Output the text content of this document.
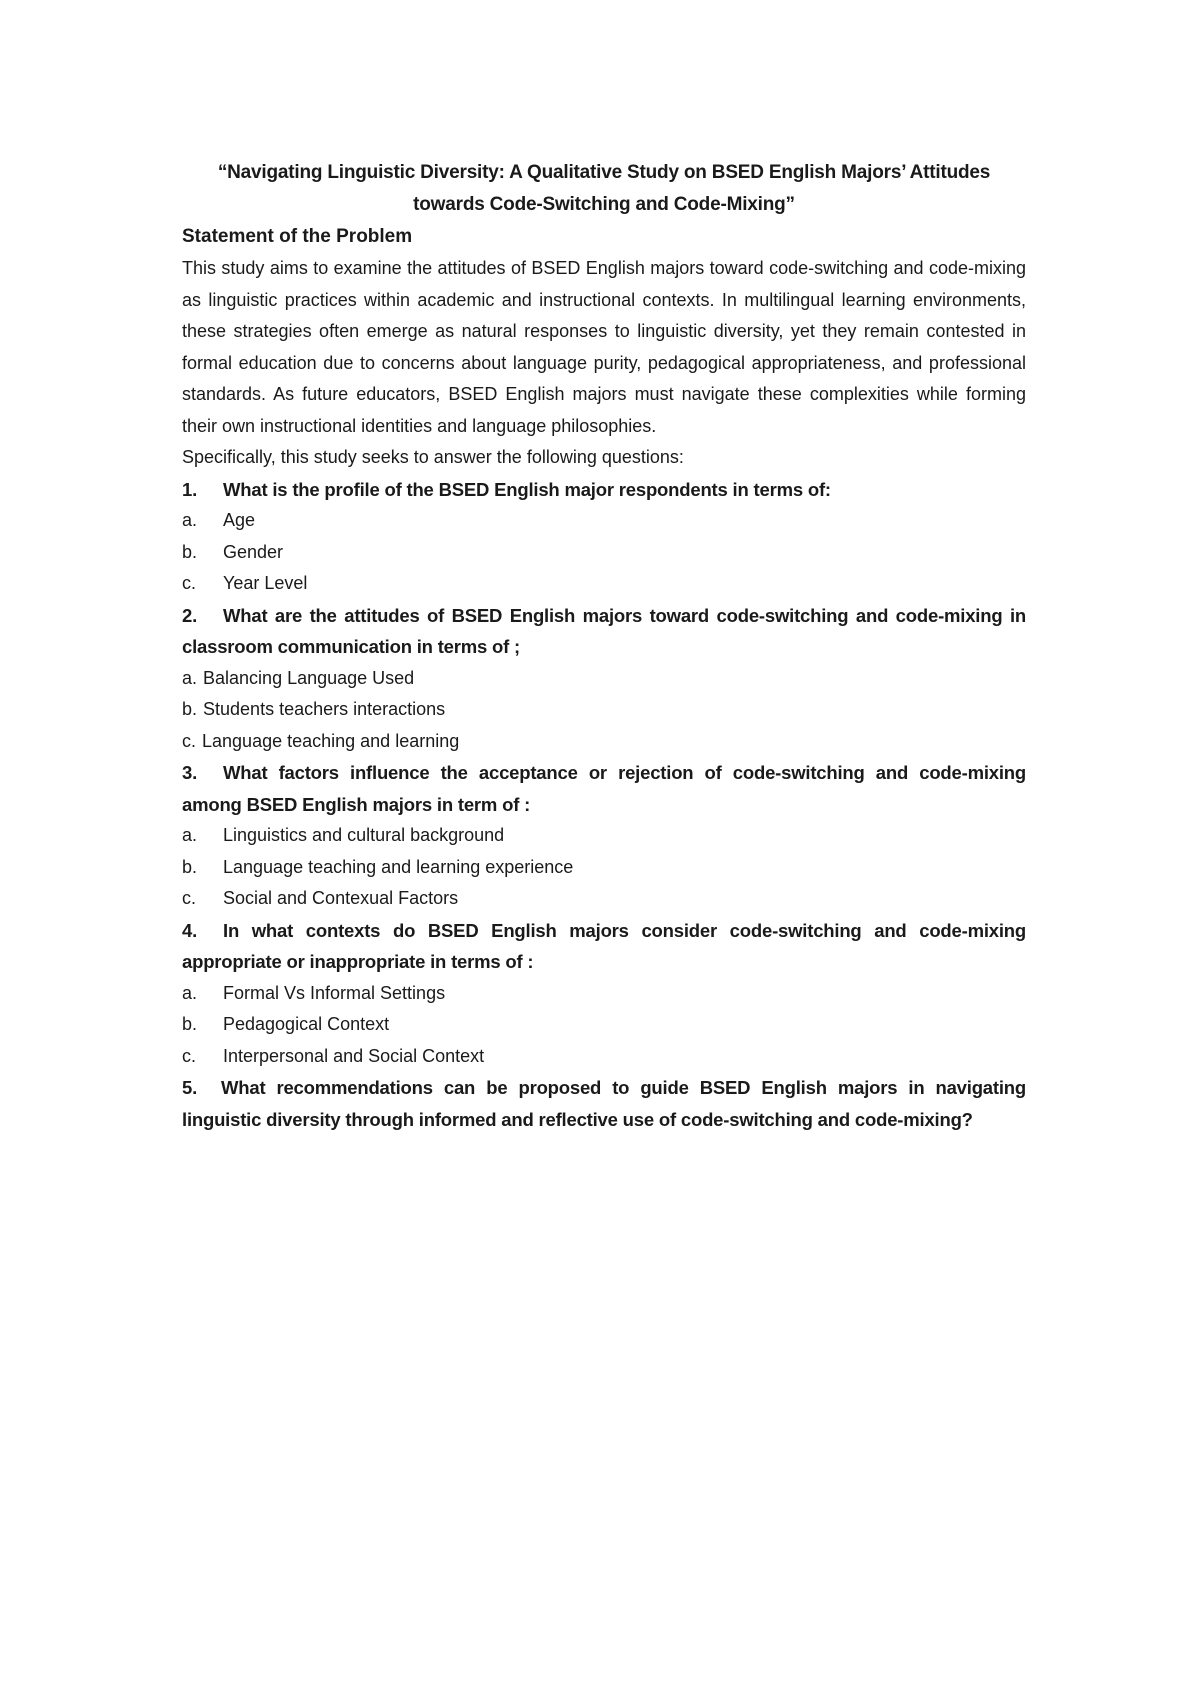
“Navigating Linguistic Diversity: A Qualitative Study on BSED English Majors’ Attitudes towards Code-Switching and Code-Mixing”

Statement of the Problem

This study aims to examine the attitudes of BSED English majors toward code-switching and code-mixing as linguistic practices within academic and instructional contexts. In multilingual learning environments, these strategies often emerge as natural responses to linguistic diversity, yet they remain contested in formal education due to concerns about language purity, pedagogical appropriateness, and professional standards. As future educators, BSED English majors must navigate these complexities while forming their own instructional identities and language philosophies.

Specifically, this study seeks to answer the following questions:

1. What is the profile of the BSED English major respondents in terms of:

a.	Age

b.	Gender

c.	Year Level

2. What are the attitudes of BSED English majors toward code-switching and code-mixing in classroom communication in terms of ;

a. Balancing Language Used

b. Students teachers interactions

c. Language teaching and learning

3. What factors influence the acceptance or rejection of code-switching and code-mixing among BSED English majors in term of :

a.	Linguistics and cultural background

b.	Language teaching and learning experience

c.	Social and Contexual Factors

4. In what contexts do BSED English majors consider code-switching and code-mixing appropriate or inappropriate in terms of :

a.	Formal Vs Informal Settings

b.	Pedagogical Context

c.	Interpersonal and Social Context

5. What recommendations can be proposed to guide BSED English majors in navigating linguistic diversity through informed and reflective use of code-switching and code-mixing?
